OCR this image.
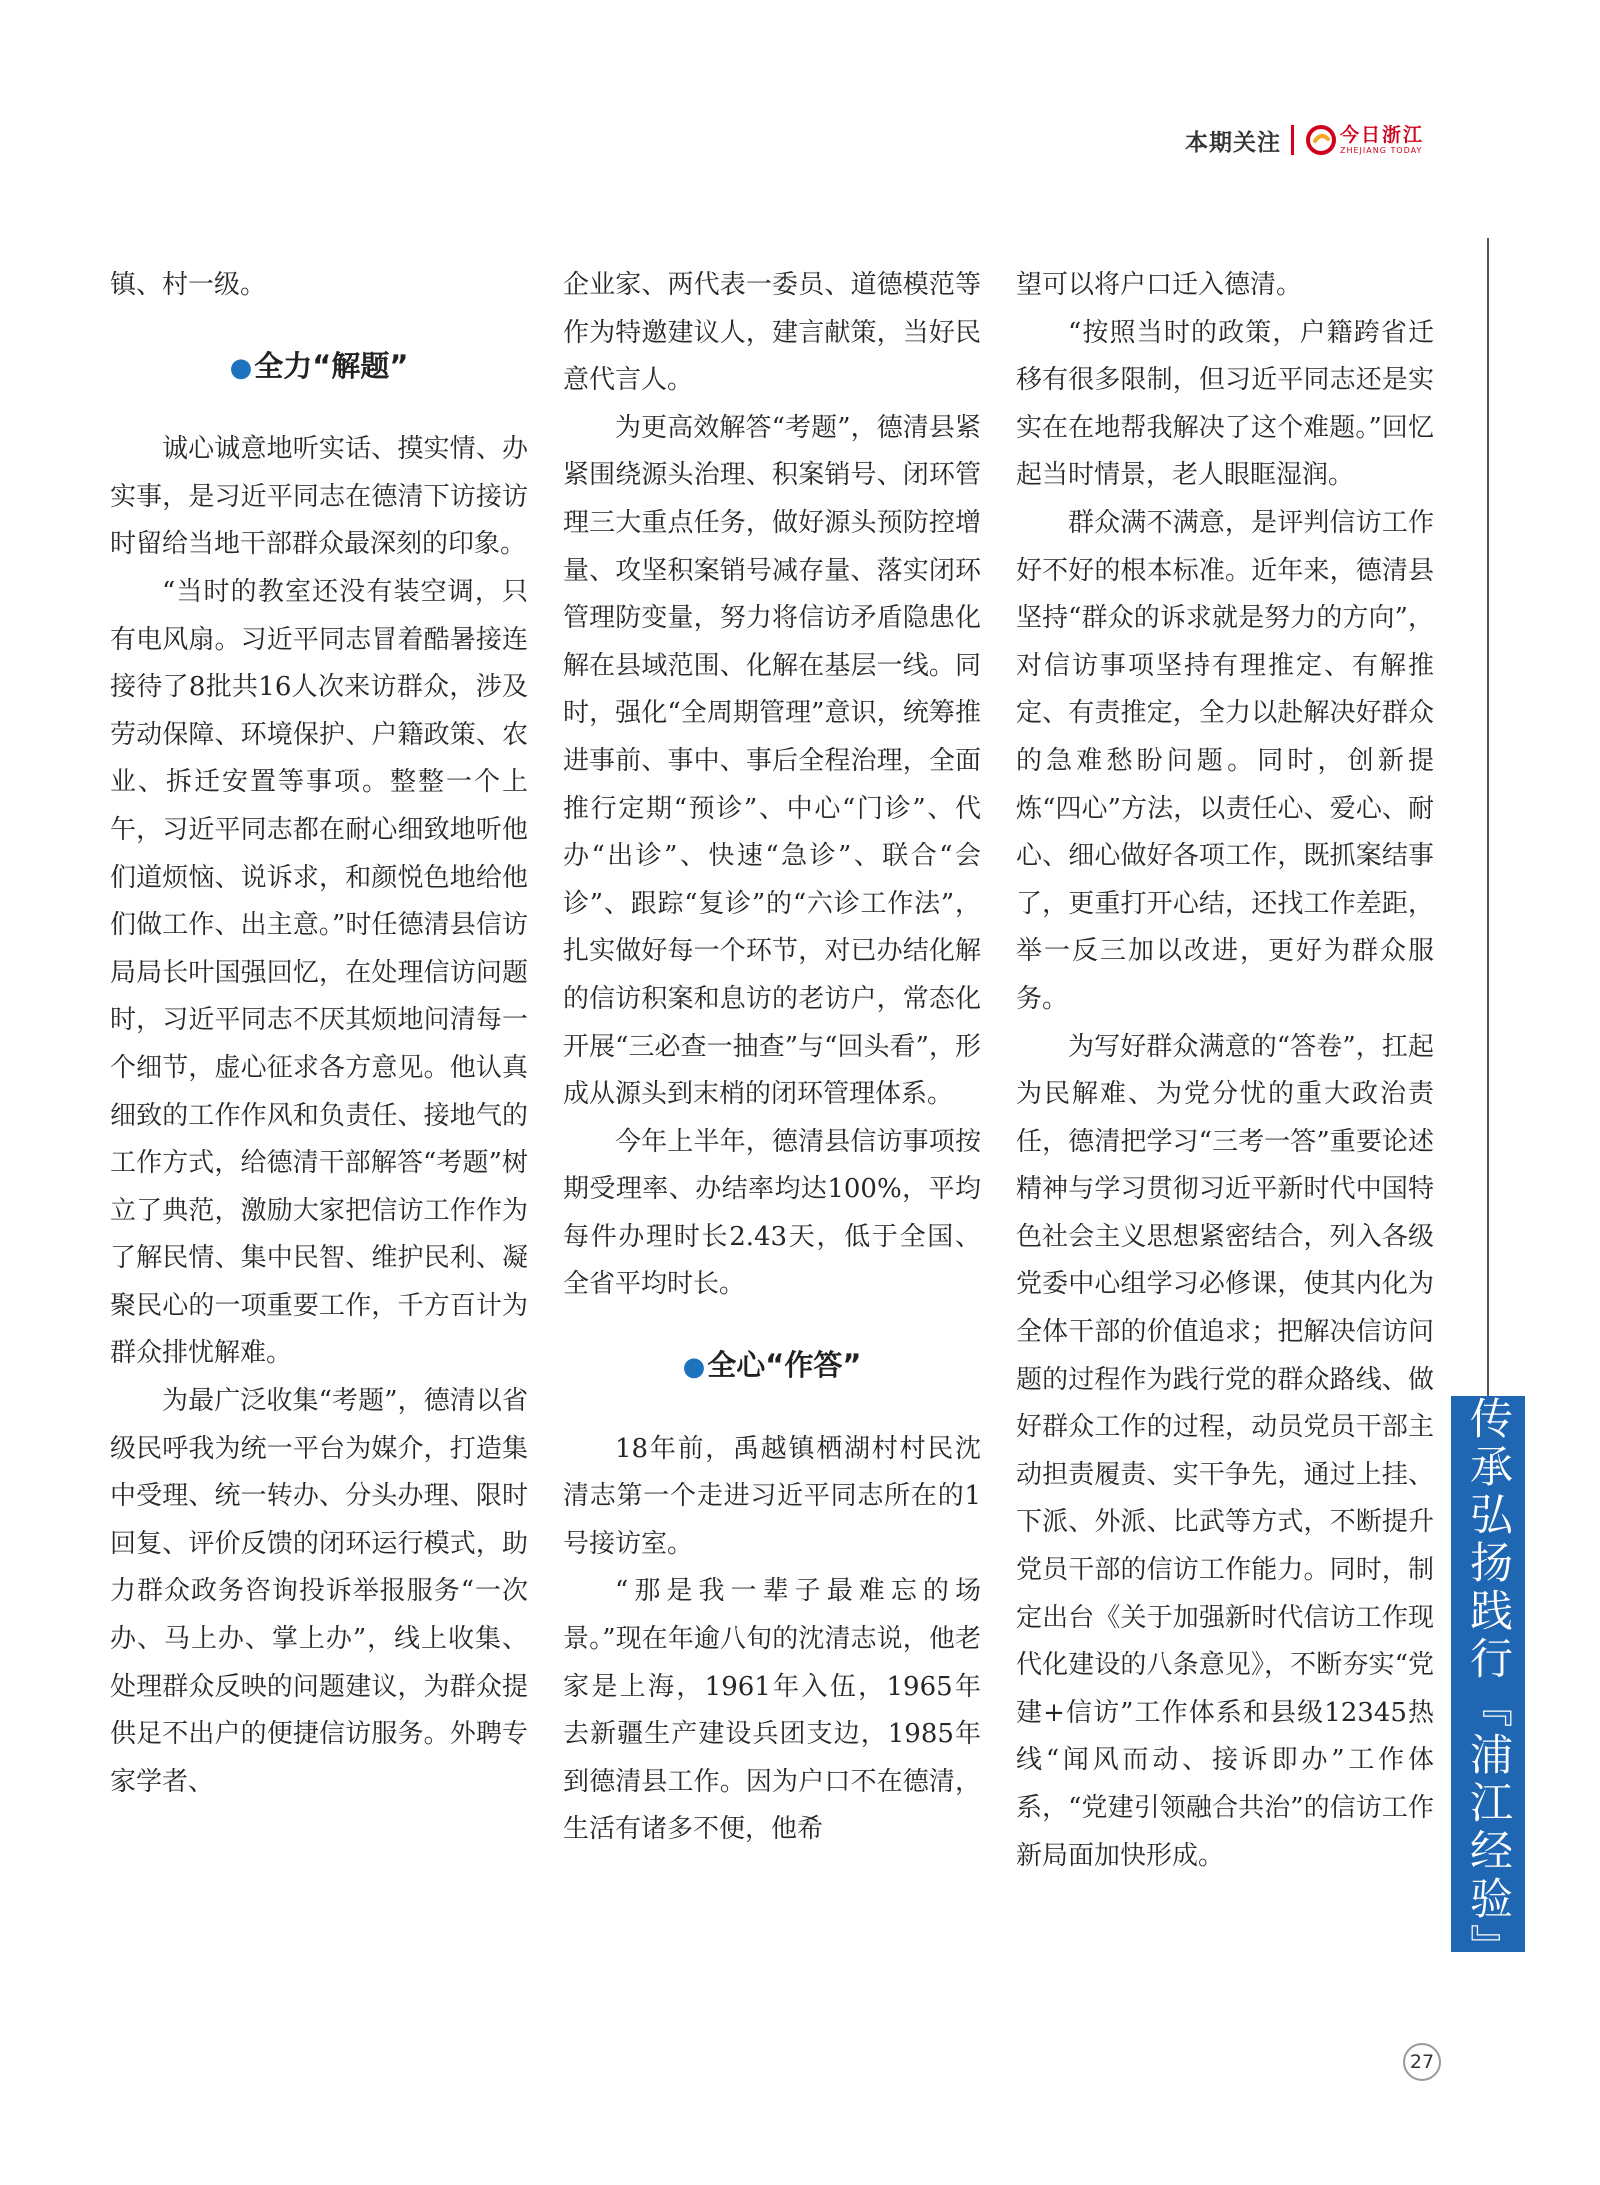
本期关注	今日浙江
ZHEJIANG TODAY

镇、村一级。

●全力“解题”

诚心诚意地听实话、摸实情、办实事，是习近平同志在德清下访接访时留给当地干部群众最深刻的印象。

“当时的教室还没有装空调，只有电风扇。习近平同志冒着酷暑接连接待了8批共16人次来访群众，涉及劳动保障、环境保护、户籍政策、农业、拆迁安置等事项。整整一个上午，习近平同志都在耐心细致地听他们道烦恼、说诉求，和颜悦色地给他们做工作、出主意。”时任德清县信访局局长叶国强回忆，在处理信访问题时，习近平同志不厌其烦地问清每一个细节，虚心征求各方意见。他认真细致的工作作风和负责任、接地气的工作方式，给德清干部解答“考题”树立了典范，激励大家把信访工作作为了解民情、集中民智、维护民利、凝聚民心的一项重要工作，千方百计为群众排忧解难。

为最广泛收集“考题”，德清以省级民呼我为统一平台为媒介，打造集中受理、统一转办、分头办理、限时回复、评价反馈的闭环运行模式，助力群众政务咨询投诉举报服务“一次办、马上办、掌上办”，线上收集、处理群众反映的问题建议，为群众提供足不出户的便捷信访服务。外聘专家学者、

企业家、两代表一委员、道德模范等作为特邀建议人，建言献策，当好民意代言人。

为更高效解答“考题”，德清县紧紧围绕源头治理、积案销号、闭环管理三大重点任务，做好源头预防控增量、攻坚积案销号减存量、落实闭环管理防变量，努力将信访矛盾隐患化解在县域范围、化解在基层一线。同时，强化“全周期管理”意识，统筹推进事前、事中、事后全程治理，全面推行定期“预诊”、中心“门诊”、代办“出诊”、快速“急诊”、联合“会诊”、跟踪“复诊”的“六诊工作法”，扎实做好每一个环节，对已办结化解的信访积案和息访的老访户，常态化开展“三必查一抽查”与“回头看”，形成从源头到末梢的闭环管理体系。

今年上半年，德清县信访事项按期受理率、办结率均达100%，平均每件办理时长2.43天，低于全国、全省平均时长。

●全心“作答”

18年前，禹越镇栖湖村村民沈清志第一个走进习近平同志所在的1号接访室。

“那是我一辈子最难忘的场景。”现在年逾八旬的沈清志说，他老家是上海，1961年入伍，1965年去新疆生产建设兵团支边，1985年到德清县工作。因为户口不在德清，生活有诸多不便，他希

望可以将户口迁入德清。

“按照当时的政策，户籍跨省迁移有很多限制，但习近平同志还是实实在在地帮我解决了这个难题。”回忆起当时情景，老人眼眶湿润。

群众满不满意，是评判信访工作好不好的根本标准。近年来，德清县坚持“群众的诉求就是努力的方向”，对信访事项坚持有理推定、有解推定、有责推定，全力以赴解决好群众的急难愁盼问题。同时，创新提炼“四心”方法，以责任心、爱心、耐心、细心做好各项工作，既抓案结事了，更重打开心结，还找工作差距，举一反三加以改进，更好为群众服务。

为写好群众满意的“答卷”，扛起为民解难、为党分忧的重大政治责任，德清把学习“三考一答”重要论述精神与学习贯彻习近平新时代中国特色社会主义思想紧密结合，列入各级党委中心组学习必修课，使其内化为全体干部的价值追求；把解决信访问题的过程作为践行党的群众路线、做好群众工作的过程，动员党员干部主动担责履责、实干争先，通过上挂、下派、外派、比武等方式，不断提升党员干部的信访工作能力。同时，制定出台《关于加强新时代信访工作现代化建设的八条意见》，不断夯实“党建+信访”工作体系和县级12345热线“闻风而动、接诉即办”工作体系，“党建引领融合共治”的信访工作新局面加快形成。	传承弘扬践行『浦江经验』
27
